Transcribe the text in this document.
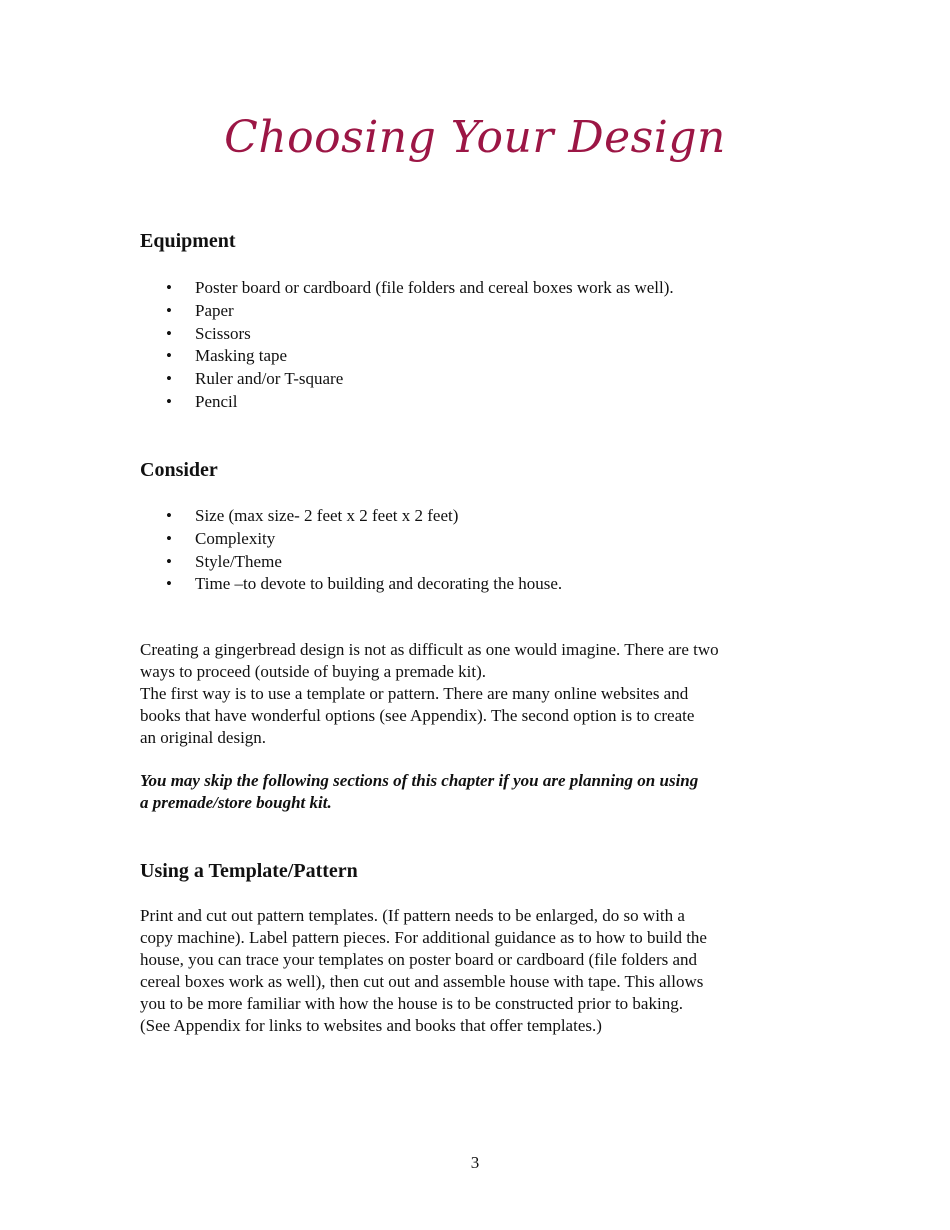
Choosing Your Design
Equipment
• Poster board or cardboard (file folders and cereal boxes work as well).
• Paper
• Scissors
• Masking tape
• Ruler and/or T-square
• Pencil
Consider
• Size (max size- 2 feet x 2 feet x 2 feet)
• Complexity
• Style/Theme
• Time –to devote to building and decorating the house.

Creating a gingerbread design is not as difficult as one would imagine. There are two
ways to proceed (outside of buying a premade kit).
The first way is to use a template or pattern. There are many online websites and
books that have wonderful options (see Appendix). The second option is to create
an original design.

You may skip the following sections of this chapter if you are planning on using
a premade/store bought kit.

Using a Template/Pattern

Print and cut out pattern templates. (If pattern needs to be enlarged, do so with a
copy machine). Label pattern pieces. For additional guidance as to how to build the
house, you can trace your templates on poster board or cardboard (file folders and
cereal boxes work as well), then cut out and assemble house with tape. This allows
you to be more familiar with how the house is to be constructed prior to baking.
(See Appendix for links to websites and books that offer templates.)

3
